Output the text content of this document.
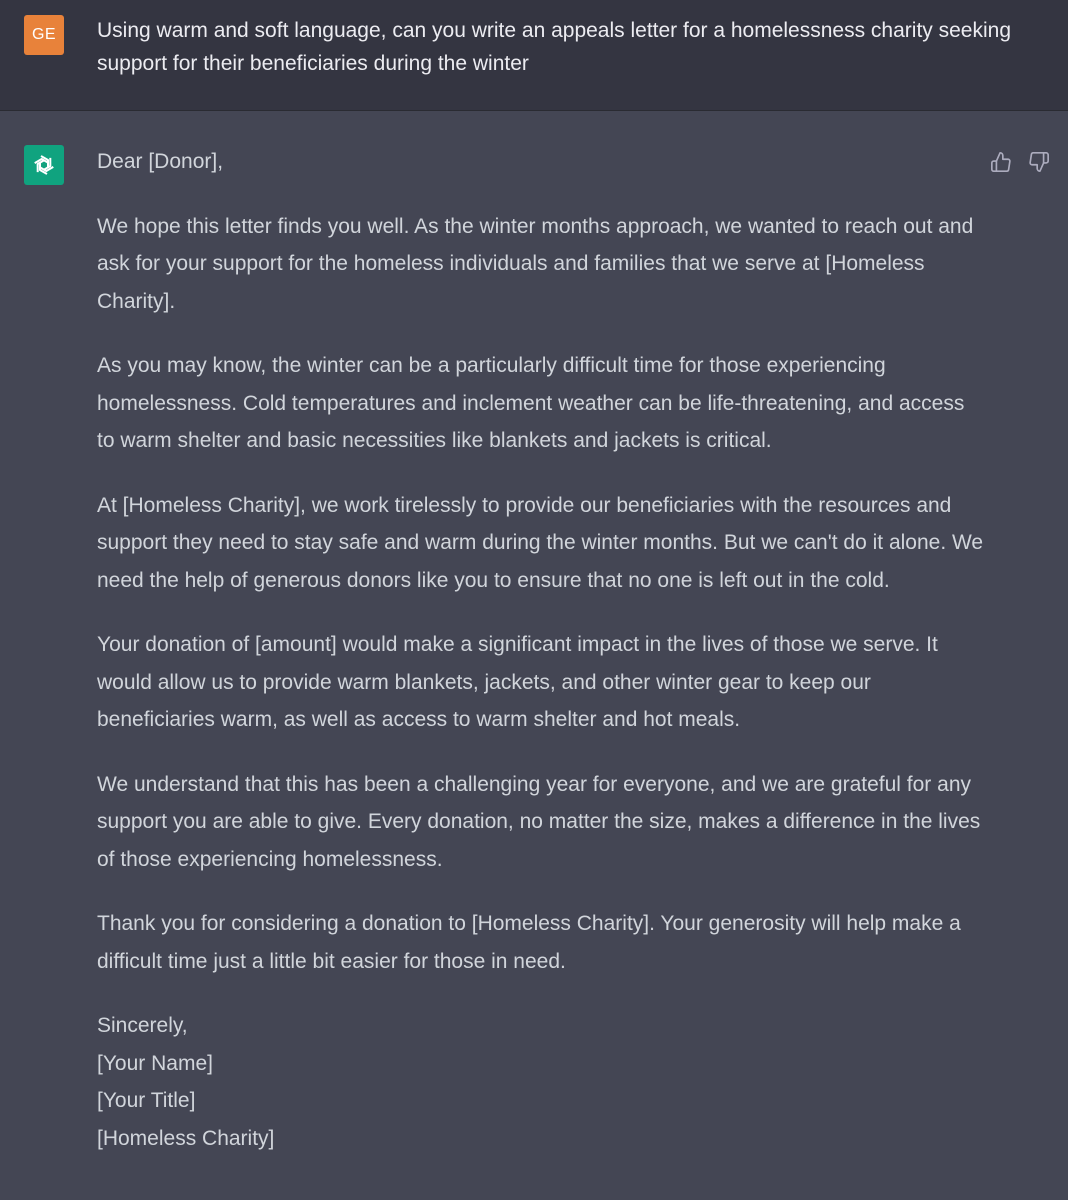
GE	Using warm and soft language, can you write an appeals letter for a homelessness charity seeking support for their beneficiaries during the winter

Dear [Donor],

We hope this letter finds you well. As the winter months approach, we wanted to reach out and ask for your support for the homeless individuals and families that we serve at [Homeless Charity].

As you may know, the winter can be a particularly difficult time for those experiencing homelessness. Cold temperatures and inclement weather can be life-threatening, and access to warm shelter and basic necessities like blankets and jackets is critical.

At [Homeless Charity], we work tirelessly to provide our beneficiaries with the resources and support they need to stay safe and warm during the winter months. But we can't do it alone. We need the help of generous donors like you to ensure that no one is left out in the cold.

Your donation of [amount] would make a significant impact in the lives of those we serve. It would allow us to provide warm blankets, jackets, and other winter gear to keep our beneficiaries warm, as well as access to warm shelter and hot meals.

We understand that this has been a challenging year for everyone, and we are grateful for any support you are able to give. Every donation, no matter the size, makes a difference in the lives of those experiencing homelessness.

Thank you for considering a donation to [Homeless Charity]. Your generosity will help make a difficult time just a little bit easier for those in need.

Sincerely,

[Your Name]

[Your Title]

[Homeless Charity]
